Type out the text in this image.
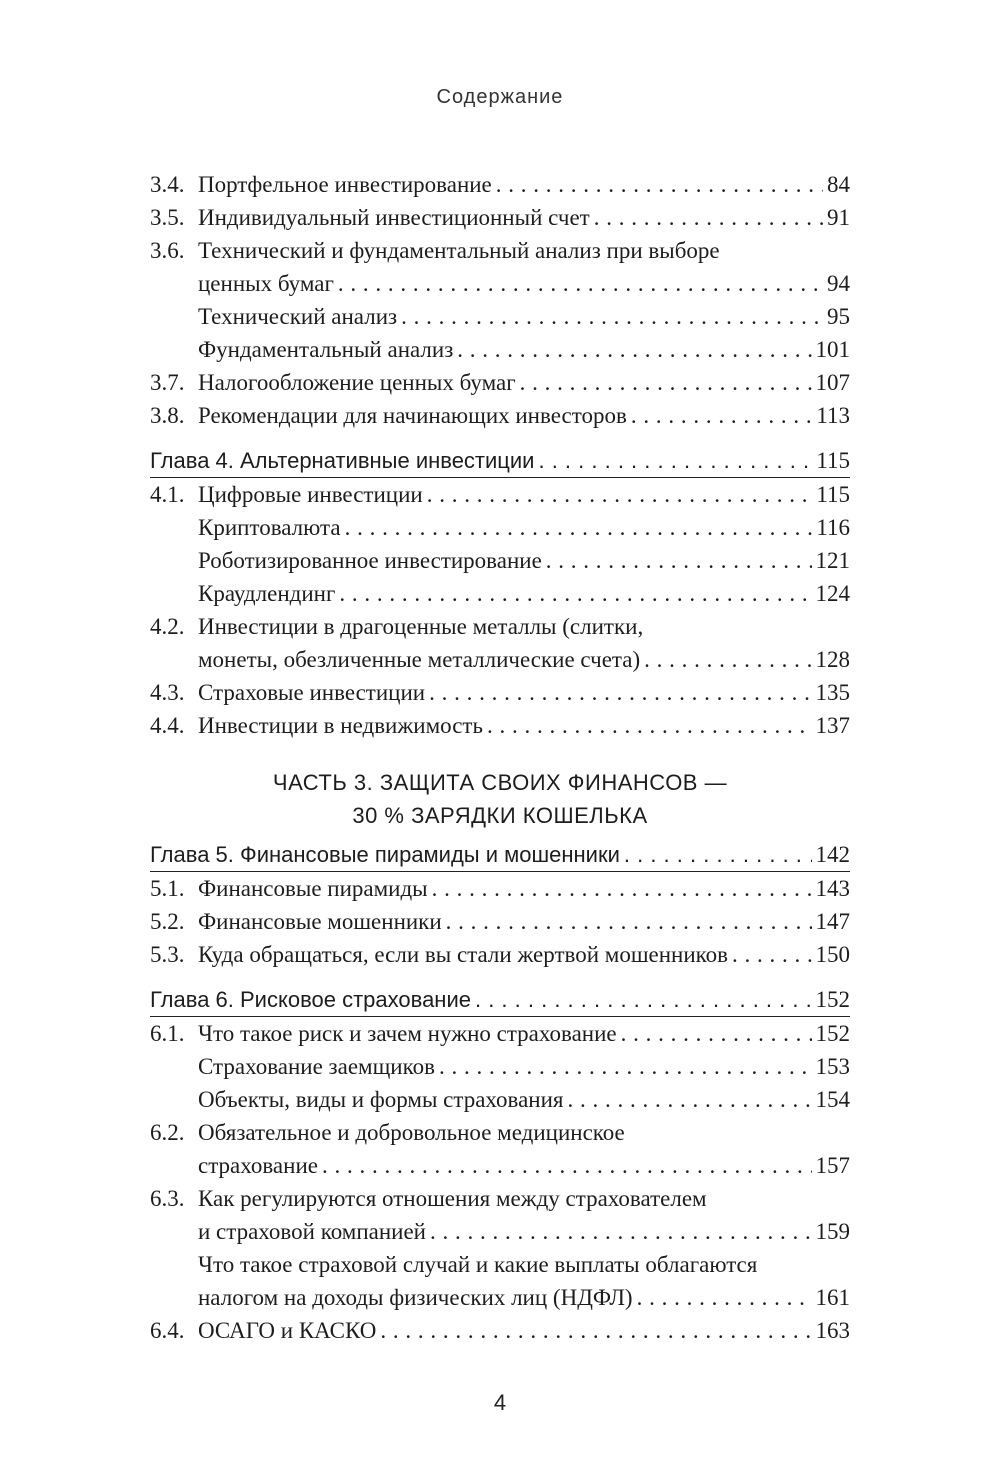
Содержание
3.4. Портфельное инвестирование . . .	84
3.5. Индивидуальный инвестиционный счет . . .	91
3.6. Технический и фундаментальный анализ при выборе
ценных бумаг . . .	94
Технический анализ . . .	95
Фундаментальный анализ . . .	101
3.7. Налогообложение ценных бумаг . . .	107
3.8. Рекомендации для начинающих инвесторов . . .	113
Глава 4. Альтернативные инвестиции . . .	115
4.1. Цифровые инвестиции . . .	115
Криптовалюта . . .	116
Роботизированное инвестирование . . .	121
Краудлендинг . . .	124
4.2. Инвестиции в драгоценные металлы (слитки,
монеты, обезличенные металлические счета) . . .	128
4.3. Страховые инвестиции . . .	135
4.4. Инвестиции в недвижимость . . .	137
ЧАСТЬ 3. ЗАЩИТА СВОИХ ФИНАНСОВ —
30 % ЗАРЯДКИ КОШЕЛЬКА
Глава 5. Финансовые пирамиды и мошенники . . .	142
5.1. Финансовые пирамиды . . .	143
5.2. Финансовые мошенники . . .	147
5.3. Куда обращаться, если вы стали жертвой мошенников . . .	150
Глава 6. Рисковое страхование . . .	152
6.1. Что такое риск и зачем нужно страхование . . .	152
Страхование заемщиков . . .	153
Объекты, виды и формы страхования . . .	154
6.2. Обязательное и добровольное медицинское
страхование . . .	157
6.3. Как регулируются отношения между страхователем
и страховой компанией . . .	159
Что такое страховой случай и какие выплаты облагаются
налогом на доходы физических лиц (НДФЛ) . . .	161
6.4. ОСАГО и КАСКО . . .	163
4
